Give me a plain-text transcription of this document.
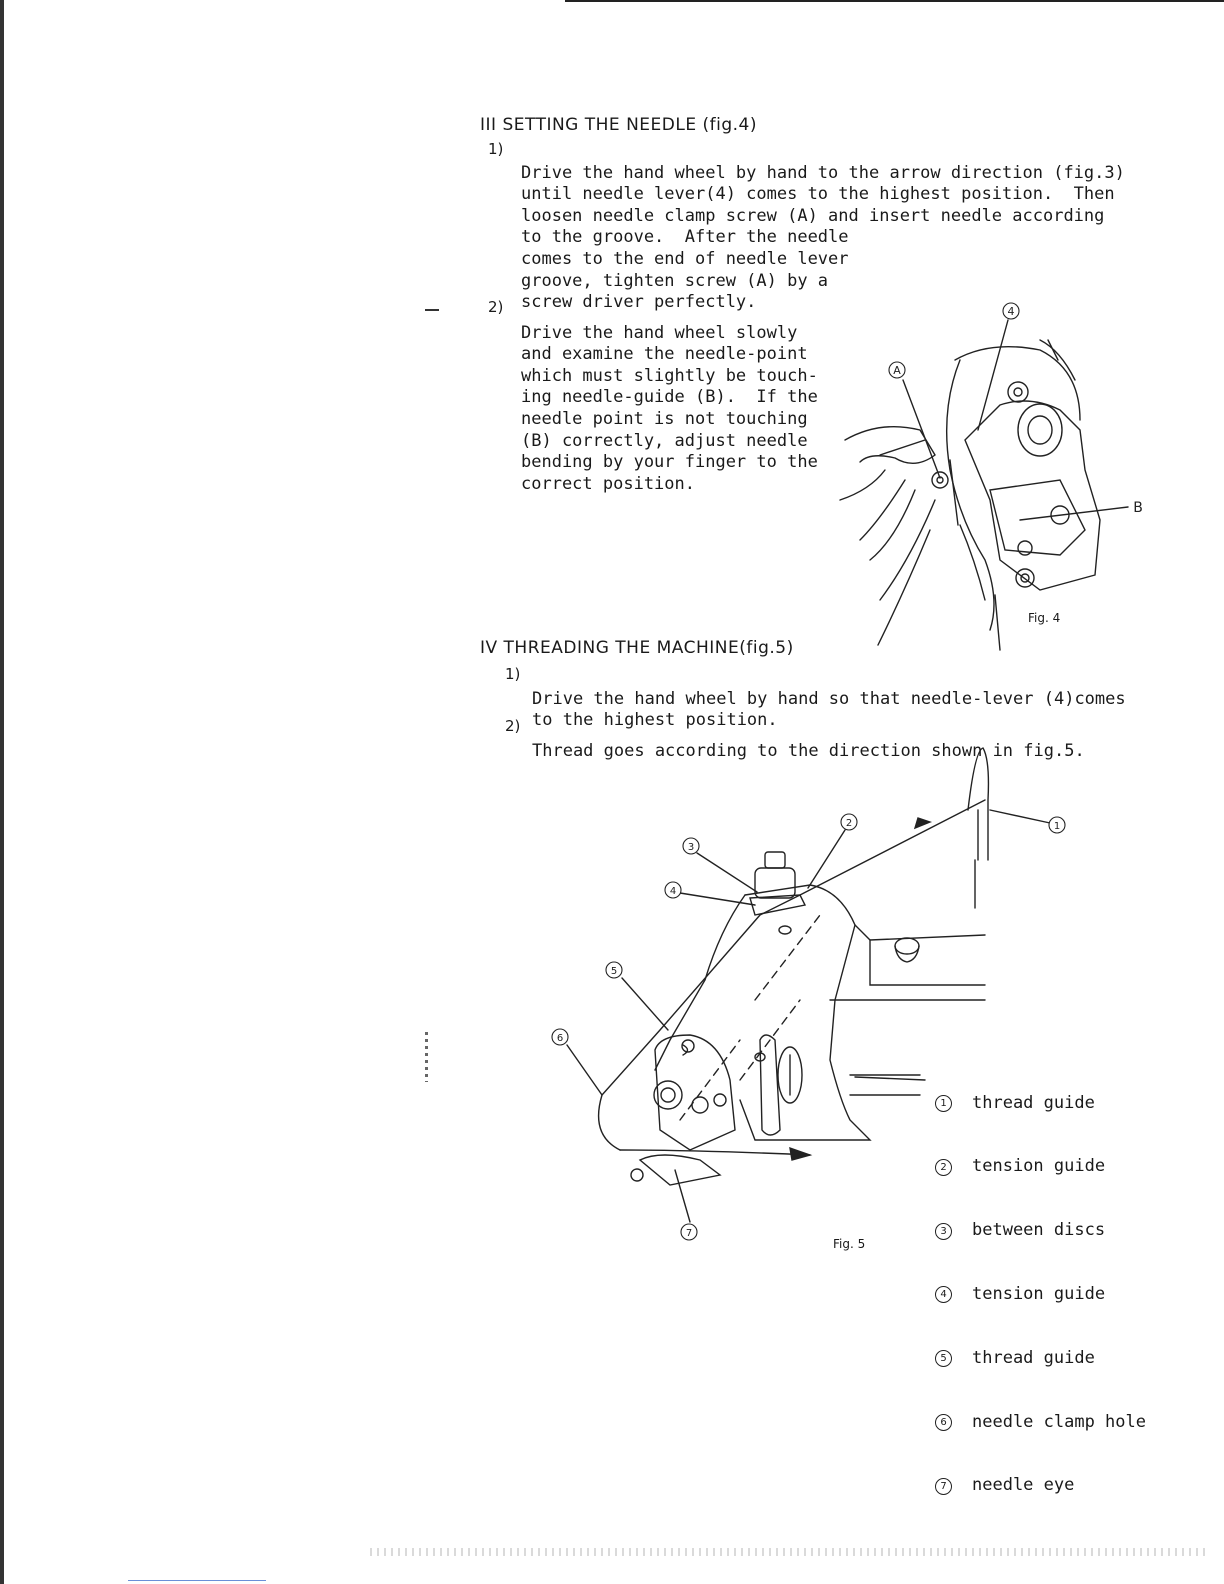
III SETTING THE NEEDLE (fig.4)
1)

Drive the hand wheel by hand to the arrow direction (fig.3)
until needle lever(4) comes to the highest position.  Then
loosen needle clamp screw (A) and insert needle according
to the groove.  After the needle
comes to the end of needle lever
groove, tighten screw (A) by a
screw driver perfectly.

2)

Drive the hand wheel slowly
and examine the needle-point
which must slightly be touch-
ing needle-guide (B).  If the
needle point is not touching
(B) correctly, adjust needle
bending by your finger to the
correct position.

4
A
B
Fig. 4
IV THREADING THE MACHINE(fig.5)
1)

Drive the hand wheel by hand so that needle-lever (4)comes
to the highest position.

2)

Thread goes according to the direction shown in fig.5.

1
2
3
4
5
6
7

1	thread guide

2	tension guide

3	between discs

4	tension guide

5	thread guide

6	needle clamp hole

7	needle eye

Fig. 5
